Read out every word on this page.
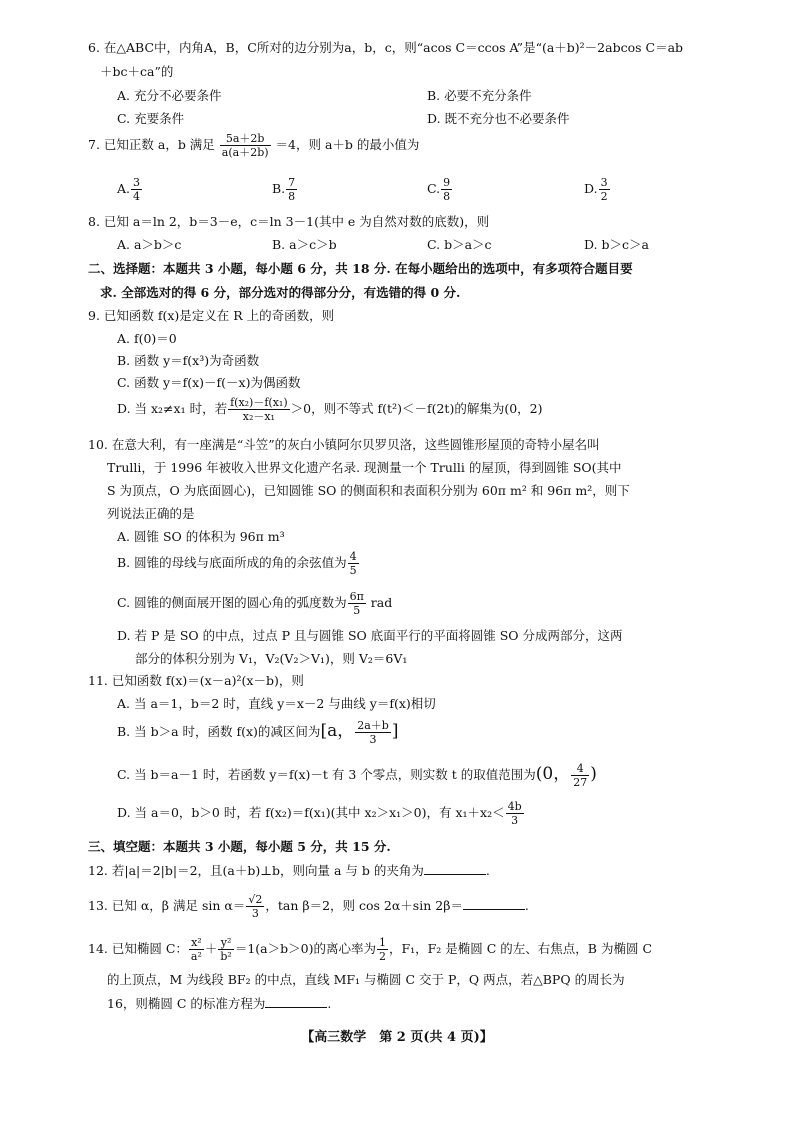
6. 在△ABC中，内角A，B，C所对的边分别为a，b，c，则“acos C＝ccos A”是“(a＋b)²－2abcos C＝ab
＋bc＋ca”的
A. 充分不必要条件	B. 必要不充分条件
C. 充要条件	D. 既不充分也不必要条件
7. 已知正数 a，b 满足 $\frac{5a+2b}{a(a+2b)} =4$，则 a＋b 的最小值为
A. $\frac{3}{4}$	B. $\frac{7}{8}$	C. $\frac{9}{8}$	D. $\frac{3}{2}$
8. 已知 a＝ln 2，b＝3－e，c＝ln 3－1(其中 e 为自然对数的底数)，则
A. a＞b＞c	B. a＞c＞b	C. b＞a＞c	D. b＞c＞a
二、选择题：本题共 3 小题，每小题 6 分，共 18 分. 在每小题给出的选项中，有多项符合题目要
求. 全部选对的得 6 分，部分选对的得部分分，有选错的得 0 分.
9. 已知函数 f(x)是定义在 R 上的奇函数，则
A. f(0)＝0
B. 函数 y＝f(x³)为奇函数
C. 函数 y＝f(x)－f(－x)为偶函数
D. 当 x₂≠x₁ 时，若 $\frac{\text{f(x₂)－f(x₁)}}{\text{x₂－x₁}} >0$，则不等式 f(t²)＜－f(2t)的解集为(0，2)
10. 在意大利，有一座满是“斗笠”的灰白小镇阿尔贝罗贝洛，这些圆锥形屋顶的奇特小屋名叫
Trulli，于 1996 年被收入世界文化遗产名录. 现测量一个 Trulli 的屋顶，得到圆锥 SO(其中
S 为顶点，O 为底面圆心)，已知圆锥 SO 的侧面积和表面积分别为 60π m² 和 96π m²，则下
列说法正确的是
A. 圆锥 SO 的体积为 96π m³
B. 圆锥的母线与底面所成的角的余弦值为 $\frac{4}{5}$
C. 圆锥的侧面展开图的圆心角的弧度数为 $\frac{6\pi}{5}$ rad
D. 若 P 是 SO 的中点，过点 P 且与圆锥 SO 底面平行的平面将圆锥 SO 分成两部分，这两
部分的体积分别为 V₁，V₂(V₂＞V₁)，则 V₂＝6V₁
11. 已知函数 f(x)＝(x－a)²(x－b)，则
A. 当 a＝1，b＝2 时，直线 y＝x－2 与曲线 y＝f(x)相切
B. 当 b＞a 时，函数 f(x)的减区间为[a， $\frac{2a+b}{3}$ ]
C. 当 b＝a－1 时，若函数 y＝f(x)－t 有 3 个零点，则实数 t 的取值范围为(0， $\frac{4}{27}$ )
D. 当 a＝0，b＞0 时，若 f(x₂)＝f(x₁)(其中 x₂＞x₁＞0)，有 $x_1+x_2< \frac{4b}{3}$
三、填空题：本题共 3 小题，每小题 5 分，共 15 分.
12. 若|a|＝2|b|＝2，且(a＋b)⊥b，则向量 a 与 b 的夹角为	.
13. 已知 α，β 满足 $\sin \alpha= \frac{√2}{3}$ ，tan β＝2，则 cos 2α＋sin 2β＝	.
14. 已知椭圆 C： $\frac{\text{x²}}{\text{a²}} + \frac{\text{y²}}{\text{b²}} =1(a>b>0)$的离心率为 $\frac{1}{2}$ ，F₁，F₂ 是椭圆 C 的左、右焦点，B 为椭圆 C
的上顶点，M 为线段 BF₂ 的中点，直线 MF₁ 与椭圆 C 交于 P，Q 两点，若△BPQ 的周长为
16，则椭圆 C 的标准方程为	.
【高三数学　第 2 页(共 4 页)】
